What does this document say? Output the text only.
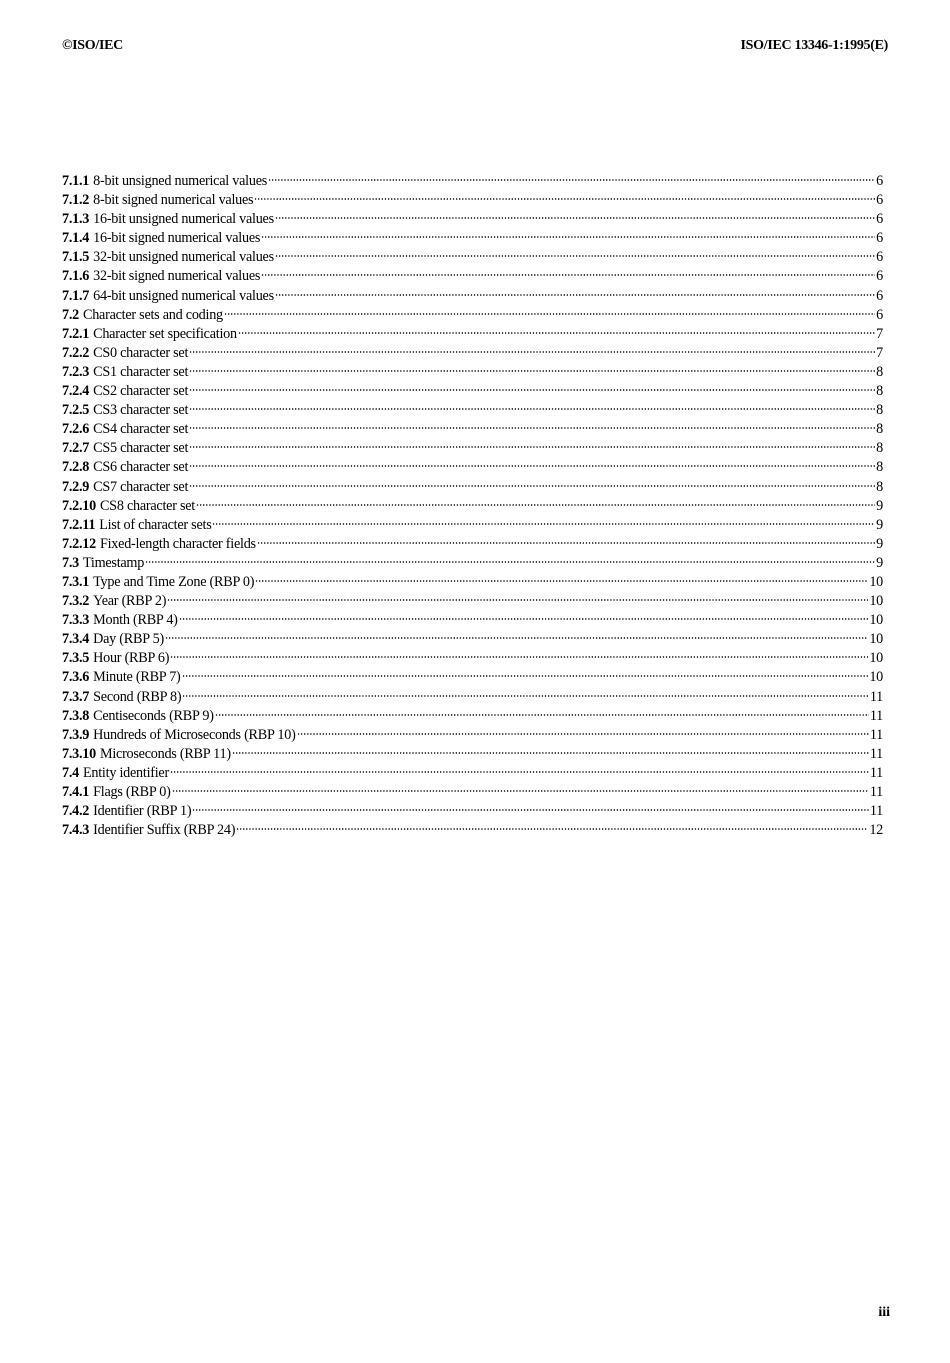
©ISO/IEC	ISO/IEC 13346-1:1995(E)
7.1.1 8-bit unsigned numerical values	6
7.1.2 8-bit signed numerical values	6
7.1.3 16-bit unsigned numerical values	6
7.1.4 16-bit signed numerical values	6
7.1.5 32-bit unsigned numerical values	6
7.1.6 32-bit signed numerical values	6
7.1.7 64-bit unsigned numerical values	6
7.2 Character sets and coding	6
7.2.1 Character set specification	7
7.2.2 CS0 character set	7
7.2.3 CS1 character set	8
7.2.4 CS2 character set	8
7.2.5 CS3 character set	8
7.2.6 CS4 character set	8
7.2.7 CS5 character set	8
7.2.8 CS6 character set	8
7.2.9 CS7 character set	8
7.2.10 CS8 character set	9
7.2.11 List of character sets	9
7.2.12 Fixed-length character fields	9
7.3 Timestamp	9
7.3.1 Type and Time Zone (RBP 0)	10
7.3.2 Year (RBP 2)	10
7.3.3 Month (RBP 4)	10
7.3.4 Day (RBP 5)	10
7.3.5 Hour (RBP 6)	10
7.3.6 Minute (RBP 7)	10
7.3.7 Second (RBP 8)	11
7.3.8 Centiseconds (RBP 9)	11
7.3.9 Hundreds of Microseconds (RBP 10)	11
7.3.10 Microseconds (RBP 11)	11
7.4 Entity identifier	11
7.4.1 Flags (RBP 0)	11
7.4.2 Identifier (RBP 1)	11
7.4.3 Identifier Suffix (RBP 24)	12
iii
